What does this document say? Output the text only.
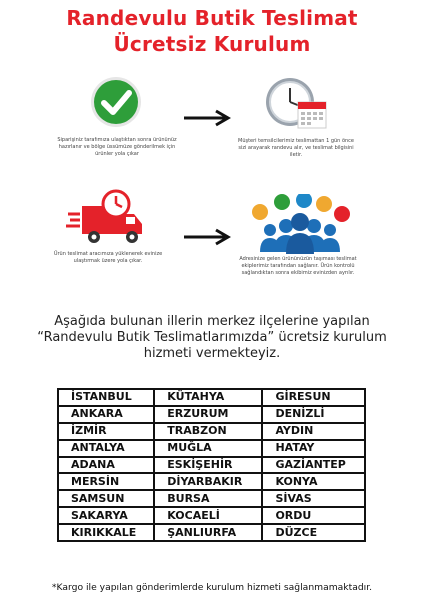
Randevulu Butik Teslimat
Ücretsiz Kurulum
Siparişiniz tarafımıza ulaştıktan sonra ürününüz hazırlanır ve bölge üssümüze gönderilmek için ürünler yola çıkar
Müşteri temsilcilerimiz teslimattan 1 gün önce sizi arayarak randevu alır, ve teslimat bilgisini iletir.
Ürün teslimat aracımıza yüklenerek evinize ulaştırmak üzere yola çıkar.	Adresinize gelen ürününüzün taşıması teslimat ekiplerimiz tarafından sağlanır. Ürün kontrolü sağlandıktan sonra ekibimiz evinizden ayrılır.
Aşağıda bulunan illerin merkez ilçelerine yapılan
“Randevulu Butik Teslimatlarımızda” ücretsiz kurulum
hizmeti vermekteyiz.
İSTANBUL	KÜTAHYA	GİRESUN
ANKARA	ERZURUM	DENİZLİ
İZMİR	TRABZON	AYDIN
ANTALYA	MUĞLA	HATAY
ADANA	ESKİŞEHİR	GAZİANTEP
MERSİN	DİYARBAKIR	KONYA
SAMSUN	BURSA	SİVAS
SAKARYA	KOCAELİ	ORDU
KIRIKKALE	ŞANLIURFA	DÜZCE
*Kargo ile yapılan gönderimlerde kurulum hizmeti sağlanmamaktadır.
